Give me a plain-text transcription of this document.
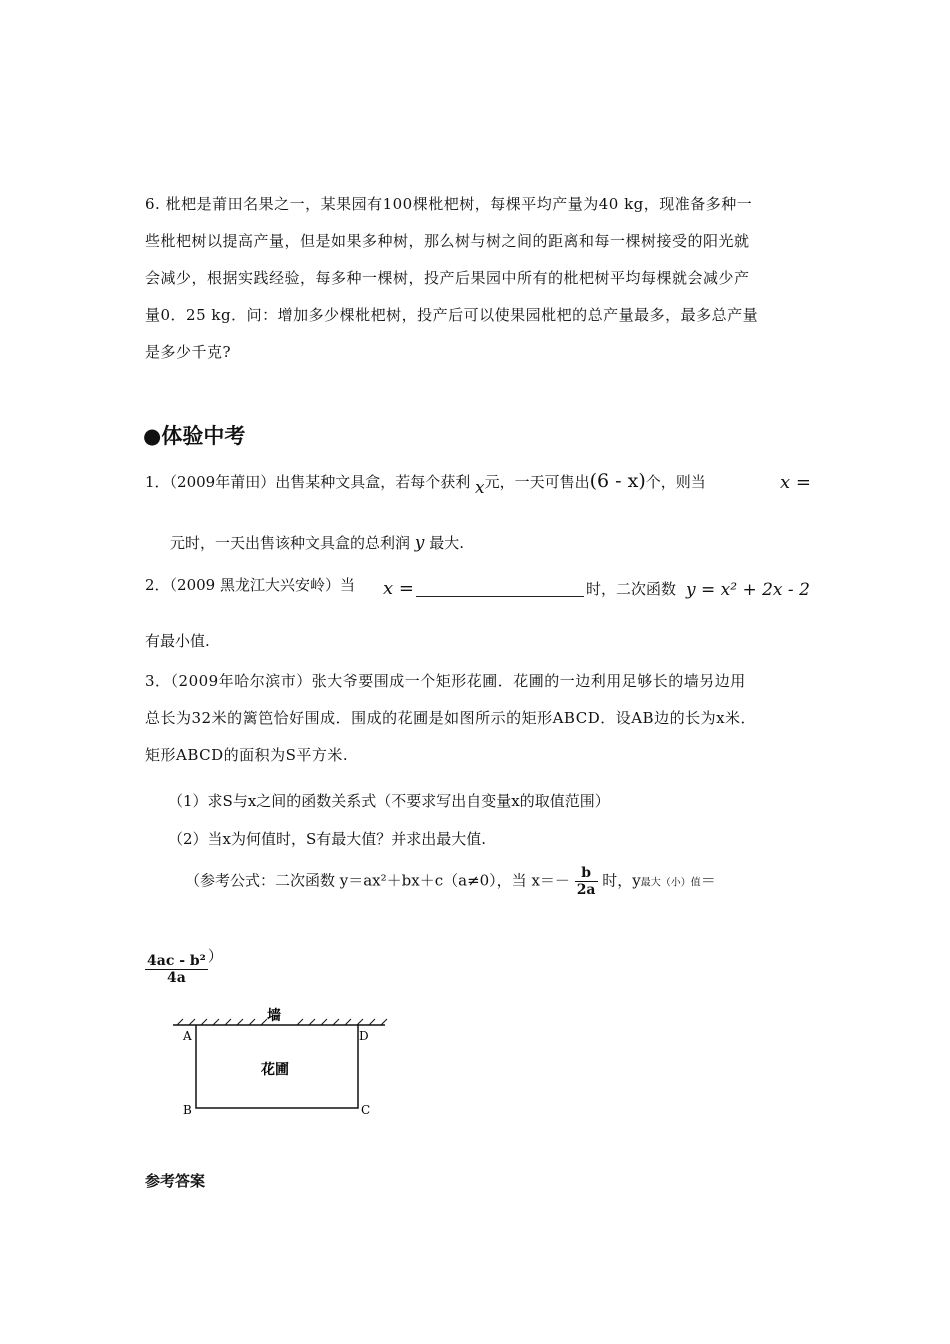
6. 枇杷是莆田名果之一，某果园有100棵枇杷树，每棵平均产量为40 kg，现准备多种一
些枇杷树以提高产量，但是如果多种树，那么树与树之间的距离和每一棵树接受的阳光就
会减少，根据实践经验，每多种一棵树，投产后果园中所有的枇杷树平均每棵就会减少产
量0．25 kg．问：增加多少棵枇杷树，投产后可以使果园枇杷的总产量最多，最多总产量
是多少千克?
●体验中考
1．（2009年莆田）出售某种文具盒，若每个获利 x元，一天可售出(6 - x)个，则当	x =
元时，一天出售该种文具盒的总利润 y 最大.
2．（2009 黑龙江大兴安岭）当 x =	时，二次函数 y = x² + 2x - 2
有最小值.
3．（2009年哈尔滨市）张大爷要围成一个矩形花圃．花圃的一边利用足够长的墙另边用
总长为32米的篱笆恰好围成．围成的花圃是如图所示的矩形ABCD．设AB边的长为x米．
矩形ABCD的面积为S平方米.
（1）求S与x之间的函数关系式（不要求写出自变量x的取值范围）
（2）当x为何值时，S有最大值？并求出最大值.
（参考公式：二次函数 y＝ax²＋bx＋c（a≠0），当 $x=- \frac{b}{2a}$ 时，y最大（小）值＝
$\frac{\text{4ac - b²}}{4a}$ ）
墙
A	D
B	C
花圃
参考答案
